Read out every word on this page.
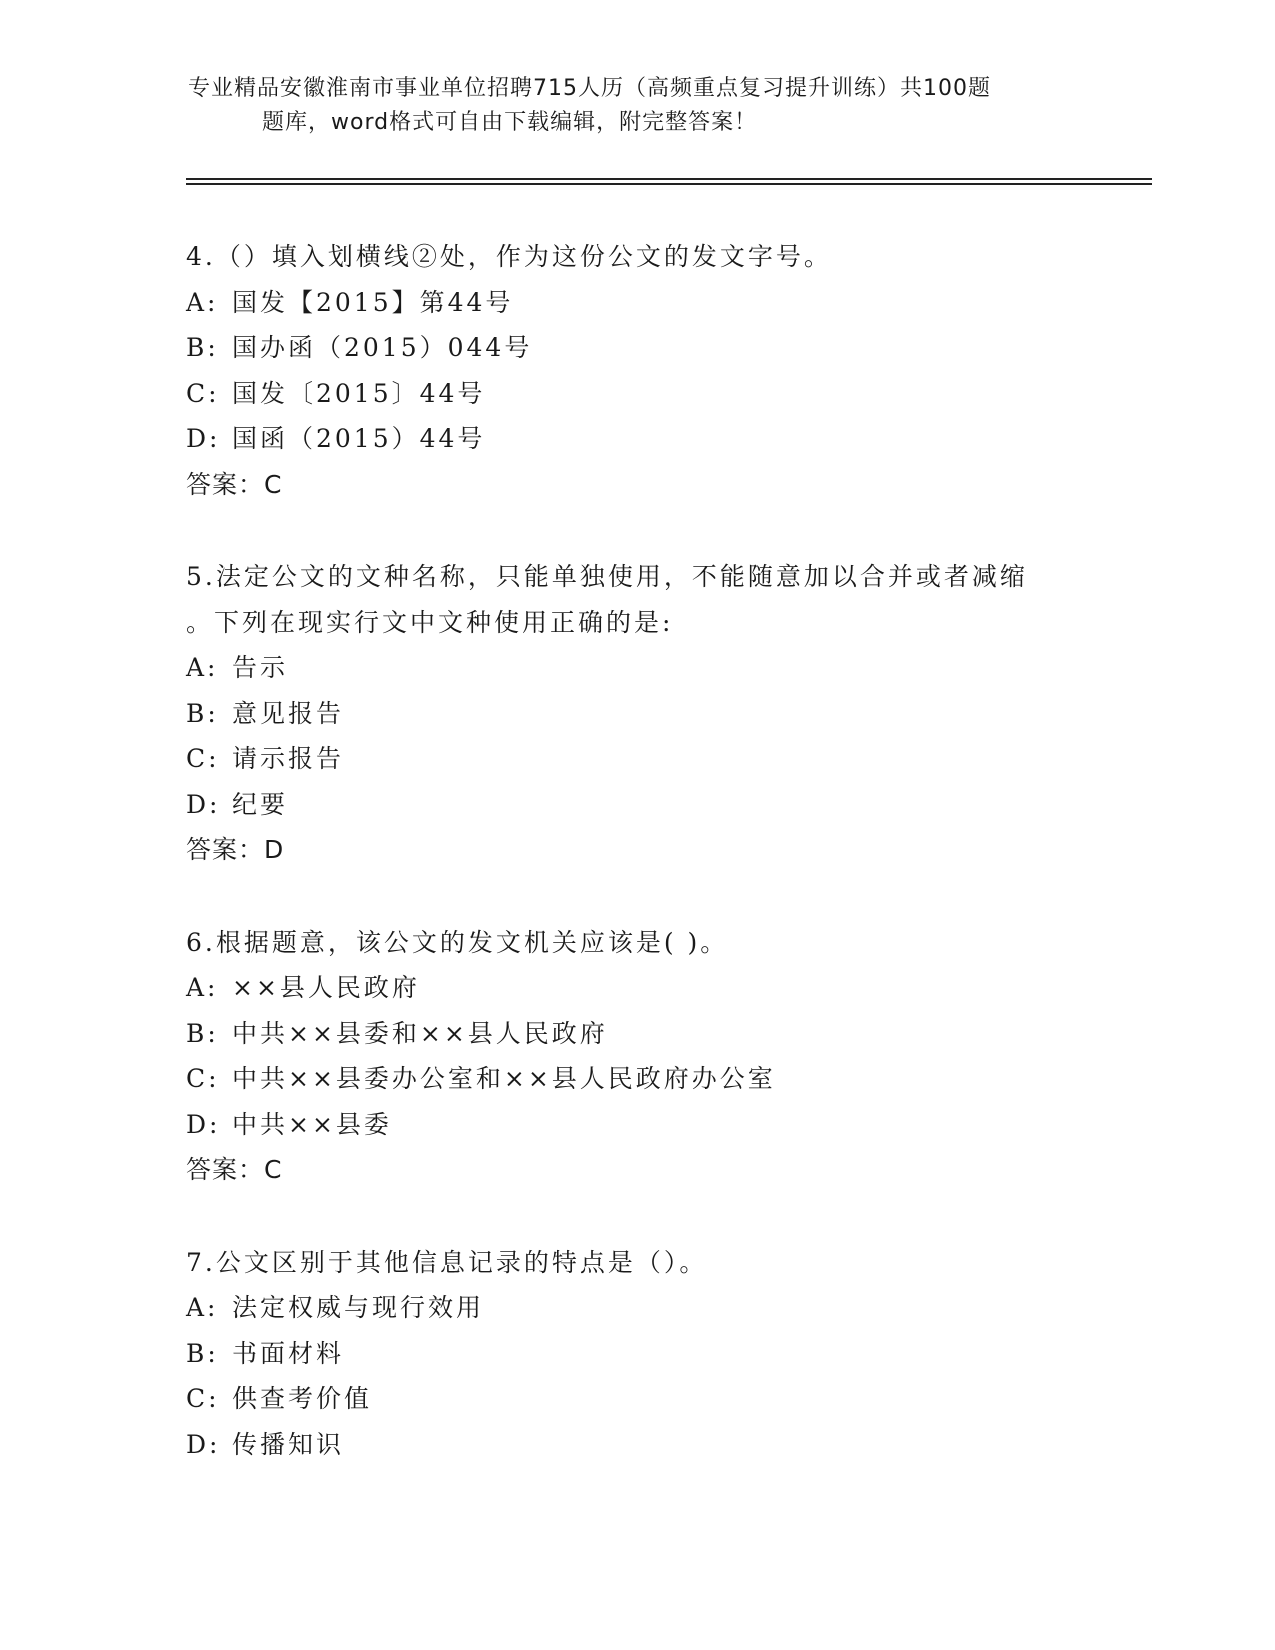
专业精品安徽淮南市事业单位招聘715人历（高频重点复习提升训练）共100题
题库，word格式可自由下载编辑，附完整答案！
4.（）填入划横线②处，作为这份公文的发文字号。
A: 国发【2015】第44号
B: 国办函（2015）044号
C: 国发〔2015〕44号
D: 国函（2015）44号
答案：C
5.法定公文的文种名称，只能单独使用，不能随意加以合并或者减缩
。下列在现实行文中文种使用正确的是:
A: 告示
B: 意见报告
C: 请示报告
D: 纪要
答案：D
6.根据题意，该公文的发文机关应该是( )。
A: ××县人民政府
B: 中共××县委和××县人民政府
C: 中共××县委办公室和××县人民政府办公室
D: 中共××县委
答案：C
7.公文区别于其他信息记录的特点是（）。
A: 法定权威与现行效用
B: 书面材料
C: 供查考价值
D: 传播知识
